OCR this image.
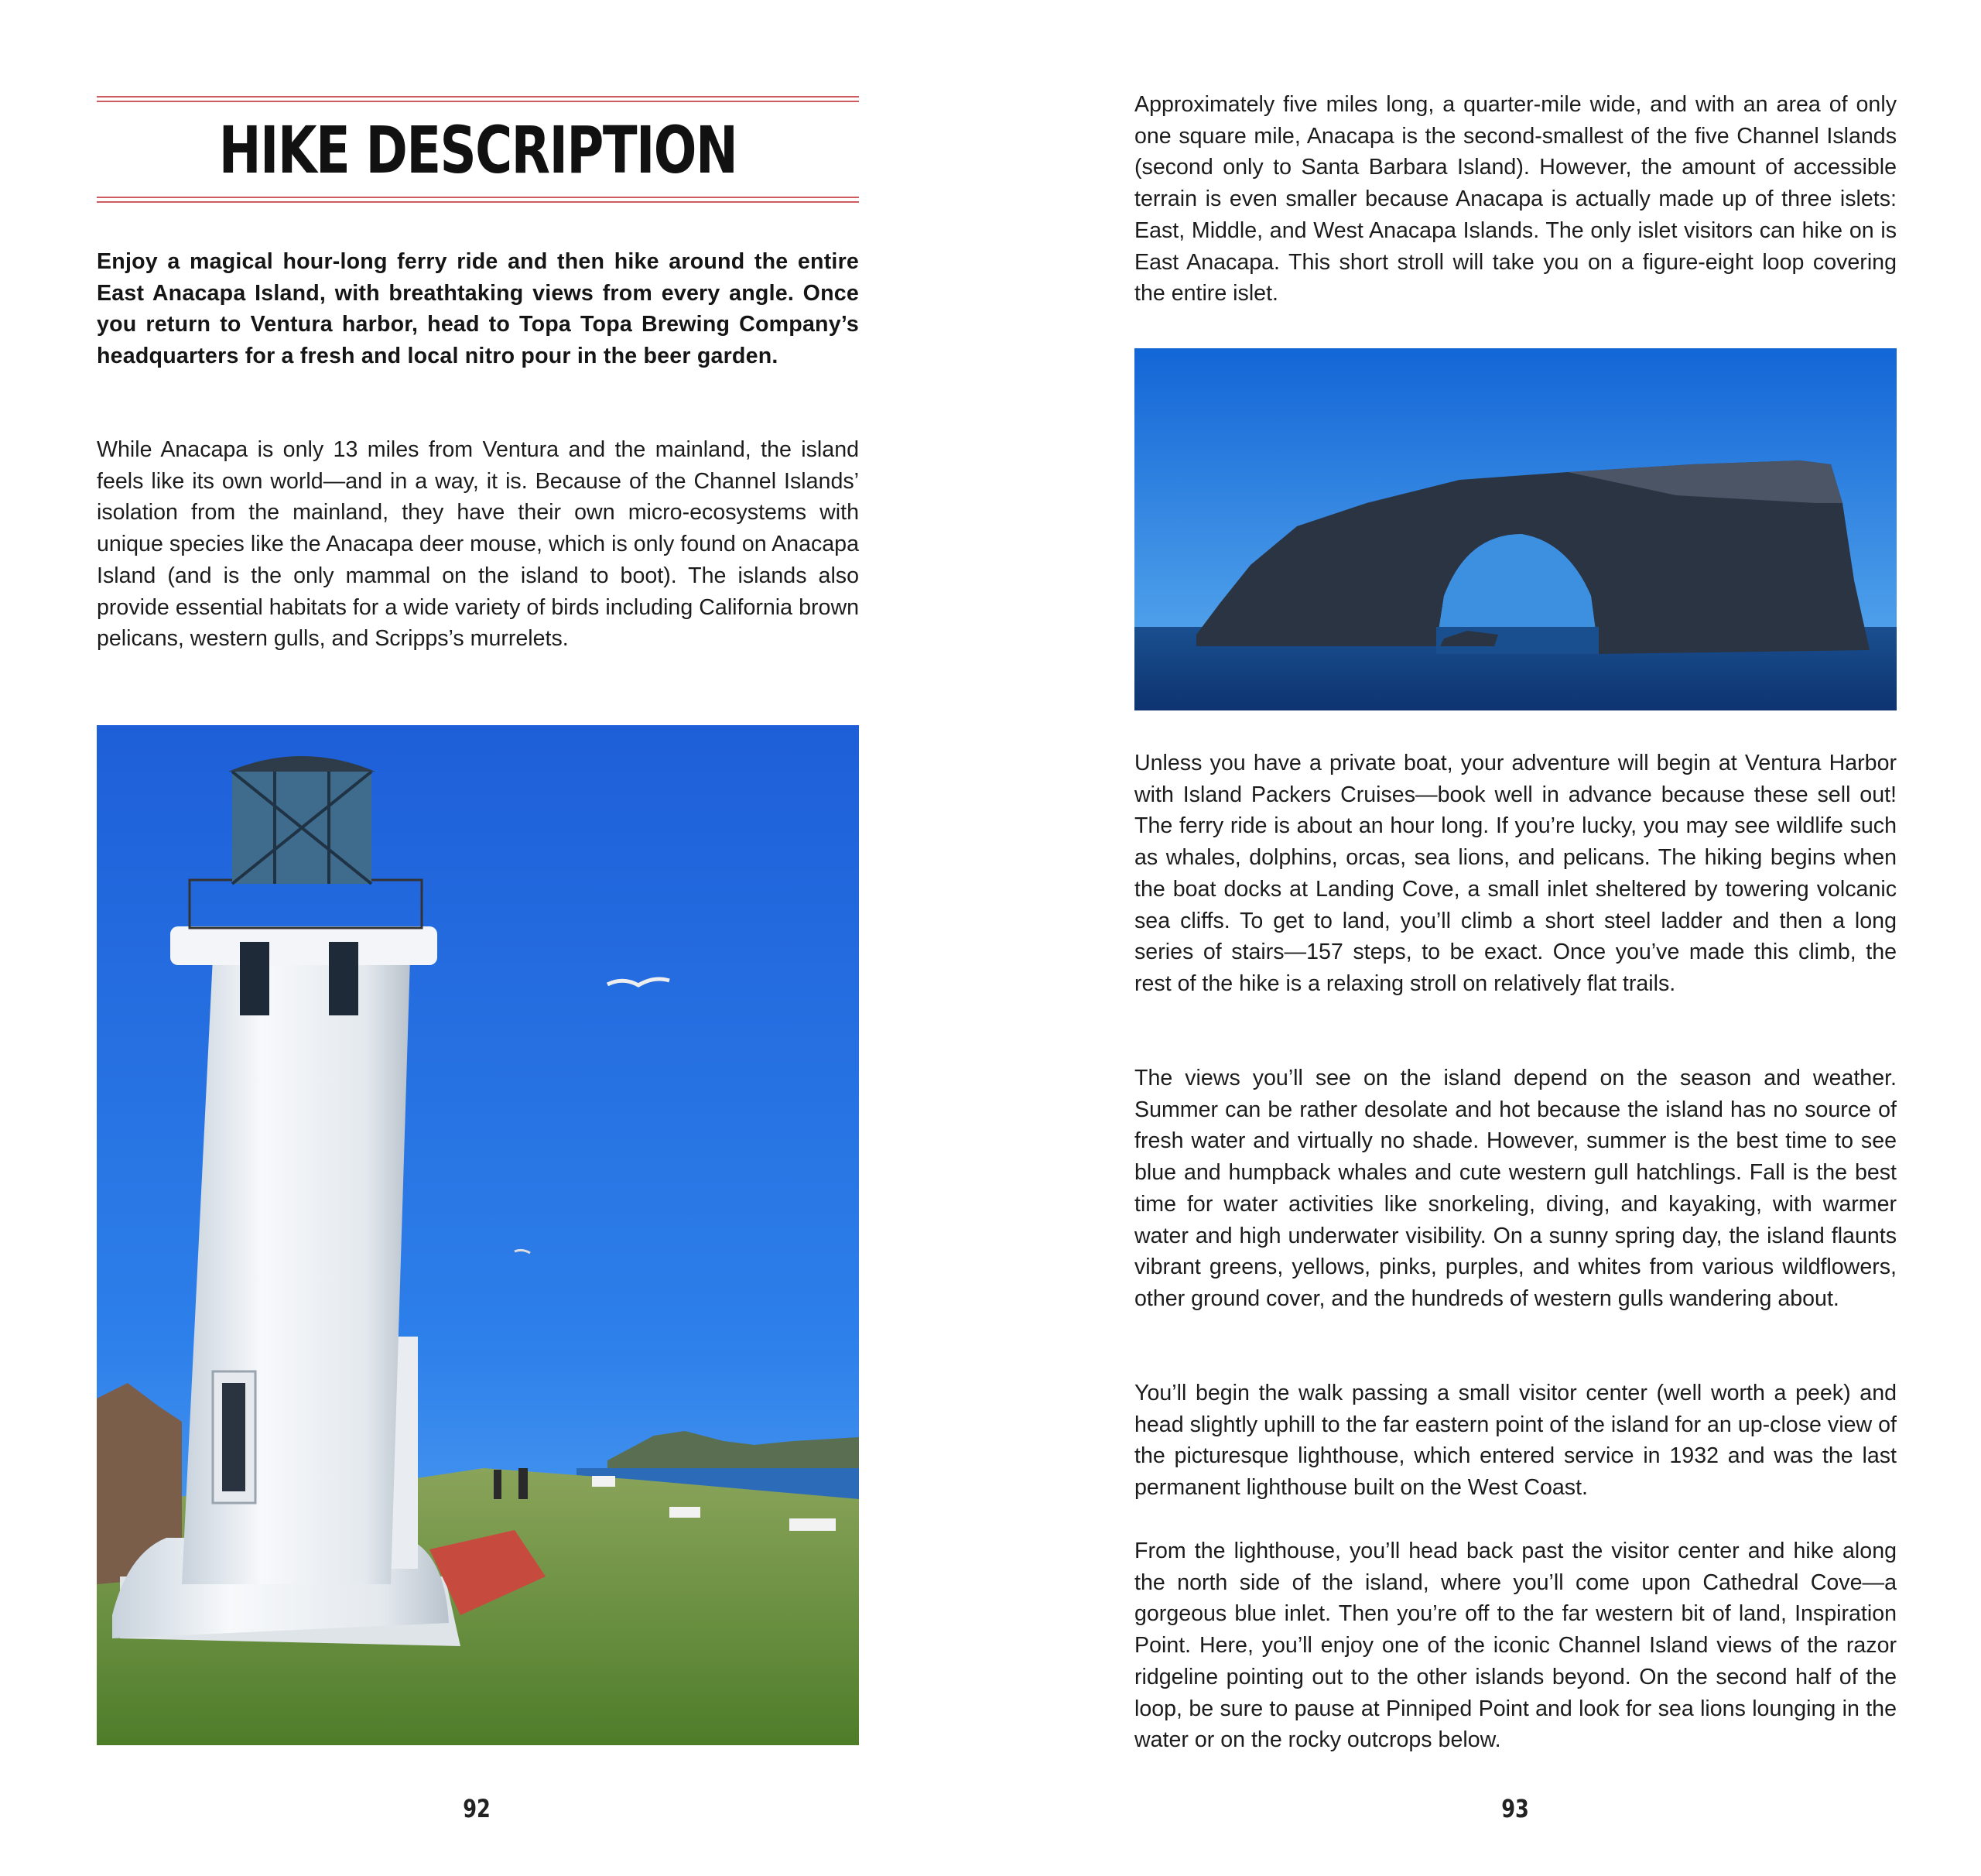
HIKE DESCRIPTION

Enjoy a magical hour-long ferry ride and then hike around the entire East Anacapa Island, with breathtaking views from every angle. Once you return to Ventura harbor, head to Topa Topa Brewing Company’s headquarters for a fresh and local nitro pour in the beer garden.

While Anacapa is only 13 miles from Ventura and the mainland, the island feels like its own world—and in a way, it is. Because of the Channel Islands’ isolation from the mainland, they have their own micro-ecosystems with unique species like the Anacapa deer mouse, which is only found on Anacapa Island (and is the only mammal on the island to boot). The islands also provide essential habitats for a wide variety of birds including California brown pelicans, western gulls, and Scripps’s murrelets.

92

Approximately five miles long, a quarter-mile wide, and with an area of only one square mile, Anacapa is the second-smallest of the five Channel Islands (second only to Santa Barbara Island). However, the amount of accessible terrain is even smaller because Anacapa is actually made up of three islets: East, Middle, and West Anacapa Islands. The only islet visitors can hike on is East Anacapa. This short stroll will take you on a figure-eight loop covering the entire islet.

Unless you have a private boat, your adventure will begin at Ventura Harbor with Island Packers Cruises—book well in advance because these sell out! The ferry ride is about an hour long. If you’re lucky, you may see wildlife such as whales, dolphins, orcas, sea lions, and pelicans. The hiking begins when the boat docks at Landing Cove, a small inlet sheltered by towering volcanic sea cliffs. To get to land, you’ll climb a short steel ladder and then a long series of stairs—157 steps, to be exact. Once you’ve made this climb, the rest of the hike is a relaxing stroll on relatively flat trails.

The views you’ll see on the island depend on the season and weather. Summer can be rather desolate and hot because the island has no source of fresh water and virtually no shade. However, summer is the best time to see blue and humpback whales and cute western gull hatchlings. Fall is the best time for water activities like snorkeling, diving, and kayaking, with warmer water and high underwater visibility. On a sunny spring day, the island flaunts vibrant greens, yellows, pinks, purples, and whites from various wildflowers, other ground cover, and the hundreds of western gulls wandering about.

You’ll begin the walk passing a small visitor center (well worth a peek) and head slightly uphill to the far eastern point of the island for an up-close view of the picturesque lighthouse, which entered service in 1932 and was the last permanent lighthouse built on the West Coast.

From the lighthouse, you’ll head back past the visitor center and hike along the north side of the island, where you’ll come upon Cathedral Cove—a gorgeous blue inlet. Then you’re off to the far western bit of land, Inspiration Point. Here, you’ll enjoy one of the iconic Channel Island views of the razor ridgeline pointing out to the other islands beyond. On the second half of the loop, be sure to pause at Pinniped Point and look for sea lions lounging in the water or on the rocky outcrops below.

93
